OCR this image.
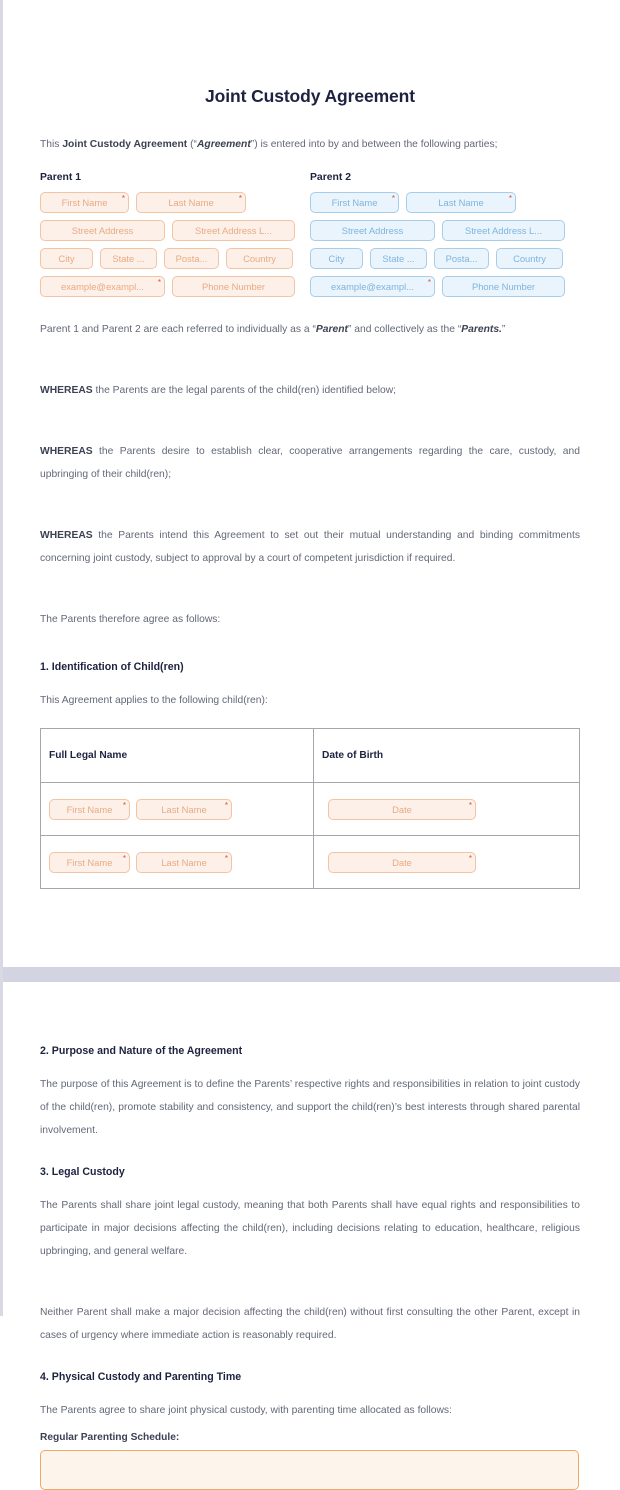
Joint Custody Agreement

This Joint Custody Agreement (“Agreement”) is entered into by and between the following parties;

Parent 1
First Name *	Last Name	*
Street Address	Street Address L...
City	State ...	Posta...	Country
example@exampl... *	Phone Number
Parent 2
First Name *	Last Name	*
Street Address	Street Address L...
City	State ...	Posta...	Country
example@exampl... *	Phone Number

Parent 1 and Parent 2 are each referred to individually as a “Parent” and collectively as the “Parents.”

WHEREAS the Parents are the legal parents of the child(ren) identified below;

WHEREAS the Parents desire to establish clear, cooperative arrangements regarding the care, custody, and upbringing of their child(ren);

WHEREAS the Parents intend this Agreement to set out their mutual understanding and binding commitments concerning joint custody, subject to approval by a court of competent jurisdiction if required.

The Parents therefore agree as follows:

1. Identification of Child(ren)

This Agreement applies to the following child(ren):

Full Legal Name	Date of Birth

First Name *	Last Name *	Date	*

First Name *	Last Name *	Date	*
2. Purpose and Nature of the Agreement

The purpose of this Agreement is to define the Parents’ respective rights and responsibilities in relation to joint custody of the child(ren), promote stability and consistency, and support the child(ren)’s best interests through shared parental involvement.

3. Legal Custody

The Parents shall share joint legal custody, meaning that both Parents shall have equal rights and responsibilities to participate in major decisions affecting the child(ren), including decisions relating to education, healthcare, religious upbringing, and general welfare.

Neither Parent shall make a major decision affecting the child(ren) without first consulting the other Parent, except in cases of urgency where immediate action is reasonably required.

4. Physical Custody and Parenting Time

The Parents agree to share joint physical custody, with parenting time allocated as follows:

Regular Parenting Schedule:
